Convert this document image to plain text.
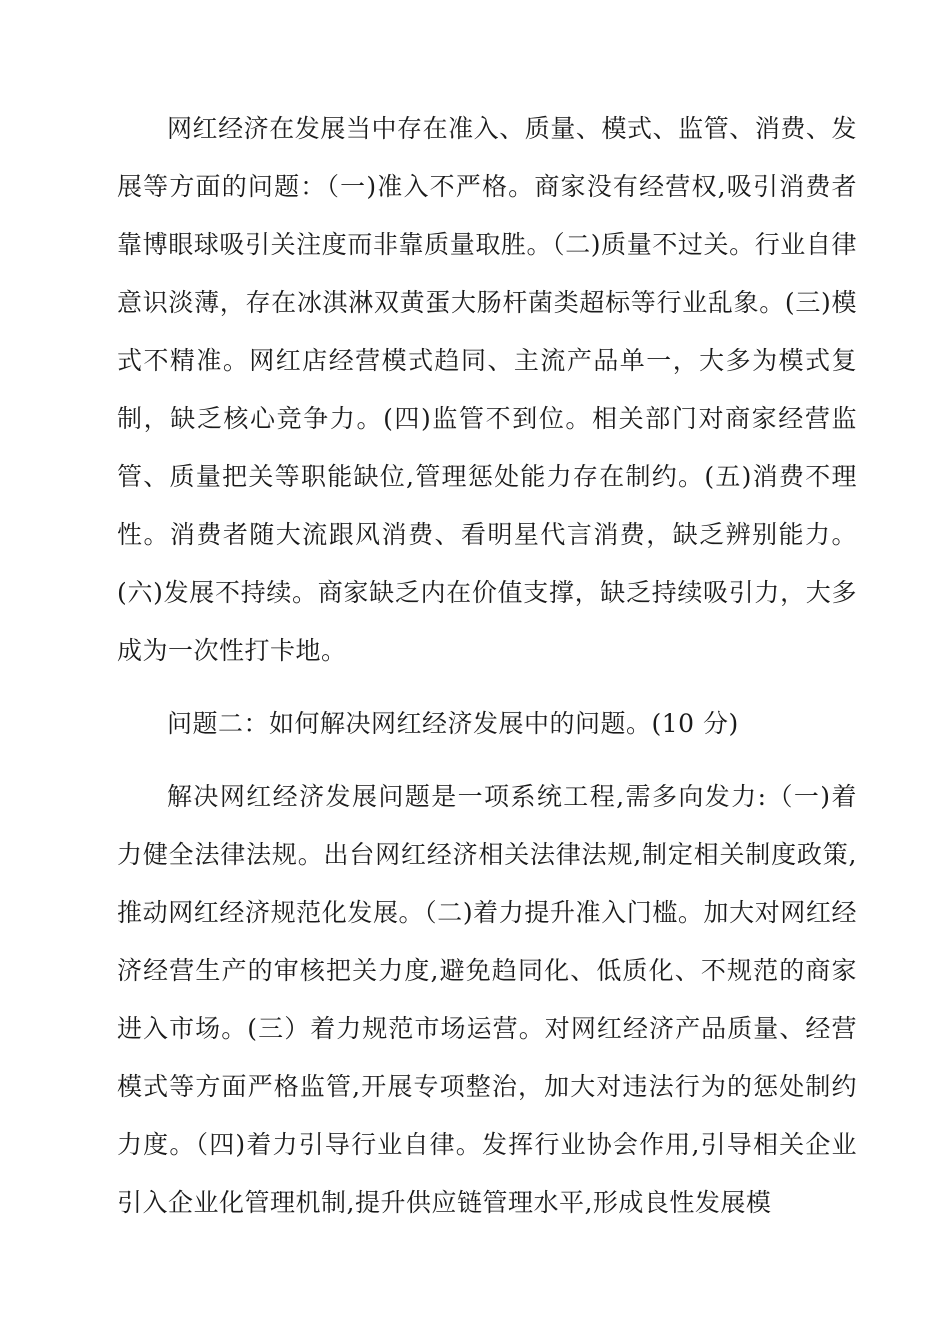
网红经济在发展当中存在准入、质量、模式、监管、消费、发展等方面的问题：（一)准入不严格。商家没有经营权,吸引消费者靠博眼球吸引关注度而非靠质量取胜。（二)质量不过关。行业自律意识淡薄，存在冰淇淋双黄蛋大肠杆菌类超标等行业乱象。(三)模式不精准。网红店经营模式趋同、主流产品单一，大多为模式复制，缺乏核心竞争力。(四)监管不到位。相关部门对商家经营监管、质量把关等职能缺位,管理惩处能力存在制约。(五)消费不理性。消费者随大流跟风消费、看明星代言消费，缺乏辨别能力。(六)发展不持续。商家缺乏内在价值支撑，缺乏持续吸引力，大多成为一次性打卡地。

问题二：如何解决网红经济发展中的问题。(10 分)

解决网红经济发展问题是一项系统工程,需多向发力:（一)着力健全法律法规。出台网红经济相关法律法规,制定相关制度政策,推动网红经济规范化发展。（二)着力提升准入门槛。加大对网红经济经营生产的审核把关力度,避免趋同化、低质化、不规范的商家进入市场。(三）着力规范市场运营。对网红经济产品质量、经营模式等方面严格监管,开展专项整治，加大对违法行为的惩处制约力度。（四)着力引导行业自律。发挥行业协会作用,引导相关企业引入企业化管理机制,提升供应链管理水平,形成良性发展模
